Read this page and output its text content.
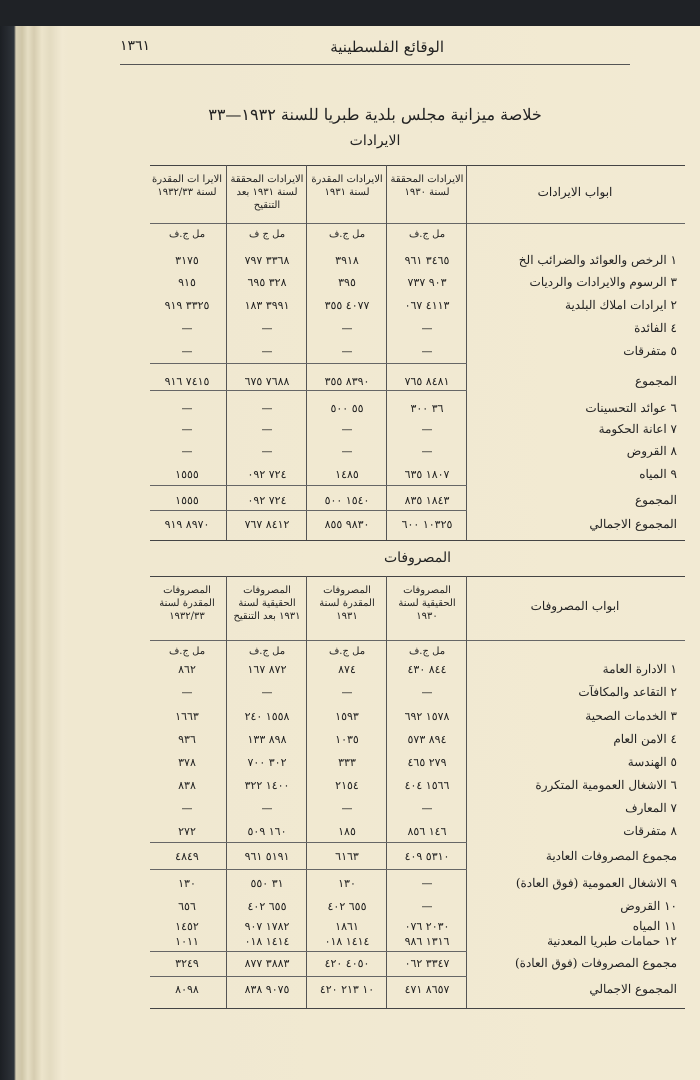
الوقائع الفلسطينية
١٣٦١
خلاصة ميزانية مجلس بلدية طبريا للسنة ١٩٣٢—٣٣
الايرادات
ابواب الايرادات
الايرادات المحققة لسنة ١٩٣٠
مل ج.ف
الايرادات المقدرة لسنة ١٩٣١
مل ج.ف
الايرادات المحققة لسنة ١٩٣١ بعد التنقيح
مل ج ف
الايرا ات المقدرة لسنة ١٩٣٢/٣٣
مل ج.ف
١ الرخص والعوائد والضرائب الخ
٣٤٦٥ ٩٦١
٣٩١٨
٣٣٦٨ ٧٩٧
٣١٧٥
٣ الرسوم والايرادات والرديات
٩٠٣ ٧٣٧
٣٩٥
٣٢٨ ٦٩٥
٩١٥
٢ ايرادات املاك البلدية
٤١١٣ ٠٦٧
٤٠٧٧ ٣٥٥
٣٩٩١ ١٨٣
٣٣٢٥ ٩١٩
٤ الفائدة
—
—
—
—
٥ متفرقات
—
—
—
—
المجموع
٨٤٨١ ٧٦٥
٨٣٩٠ ٣٥٥
٧٦٨٨ ٦٧٥
٧٤١٥ ٩١٦
٦ عوائد التحسينات
٣٦ ٣٠٠
٥٥ ٥٠٠
—
—
٧ اعانة الحكومة
—
—
—
—
٨ القروض
—
—
—
—
٩ المياه
١٨٠٧ ٦٣٥
١٤٨٥
٧٢٤ ٠٩٢
١٥٥٥
المجموع
١٨٤٣ ٨٣٥
١٥٤٠ ٥٠٠
٧٢٤ ٠٩٢
١٥٥٥
المجموع الاجمالي
١٠٣٢٥ ٦٠٠
٩٨٣٠ ٨٥٥
٨٤١٢ ٧٦٧
٨٩٧٠ ٩١٩
المصروفات
ابواب المصروفات
المصروفات الحقيقية لسنة ١٩٣٠
مل ج.ف
المصروفات المقدرة لسنة ١٩٣١
مل ج.ف
المصروفات الحقيقية لسنة ١٩٣١ بعد التنقيح
مل ج.ف
المصروفات المقدرة لسنة ١٩٣٢/٣٣
مل ج.ف
١ الادارة العامة
٨٤٤ ٤٣٠
٨٧٤
٨٧٢ ١٦٧
٨٦٢
٢ التقاعد والمكافآت
—
—
—
—
٣ الخدمات الصحية
١٥٧٨ ٦٩٢
١٥٩٣
١٥٥٨ ٢٤٠
١٦٦٣
٤ الامن العام
٨٩٤ ٥٧٣
١٠٣٥
٨٩٨ ١٣٣
٩٣٦
٥ الهندسة
٢٧٩ ٤٦٥
٣٣٣
٣٠٢ ٧٠٠
٣٧٨
٦ الاشغال العمومية المتكررة
١٥٦٦ ٤٠٤
٢١٥٤
١٤٠٠ ٣٢٢
٨٣٨
٧ المعارف
—
—
—
—
٨ متفرقات
١٤٦ ٨٥٦
١٨٥
١٦٠ ٥٠٩
٢٧٢
مجموع المصروفات العادية
٥٣١٠ ٤٠٩
٦١٦٣
٥١٩١ ٩٦١
٤٨٤٩
٩ الاشغال العمومية (فوق العادة)
—
١٣٠
٣١ ٥٥٠
١٣٠
١٠ القروض
—
٦٥٥ ٤٠٢
٦٥٥ ٤٠٢
٦٥٦
١١ المياه
٢٠٣٠ ٠٧٦
١٨٦١
١٧٨٢ ٩٠٧
١٤٥٢
١٢ حمامات طبريا المعدنية
١٣١٦ ٩٨٦
١٤١٤ ٠١٨
١٤١٤ ٠١٨
١٠١١
مجموع المصروفات (فوق العادة)
٣٣٤٧ ٠٦٢
٤٠٥٠ ٤٢٠
٣٨٨٣ ٨٧٧
٣٢٤٩
المجموع الاجمالي
٨٦٥٧ ٤٧١
١٠ ٢١٣ ٤٢٠
٩٠٧٥ ٨٣٨
٨٠٩٨
